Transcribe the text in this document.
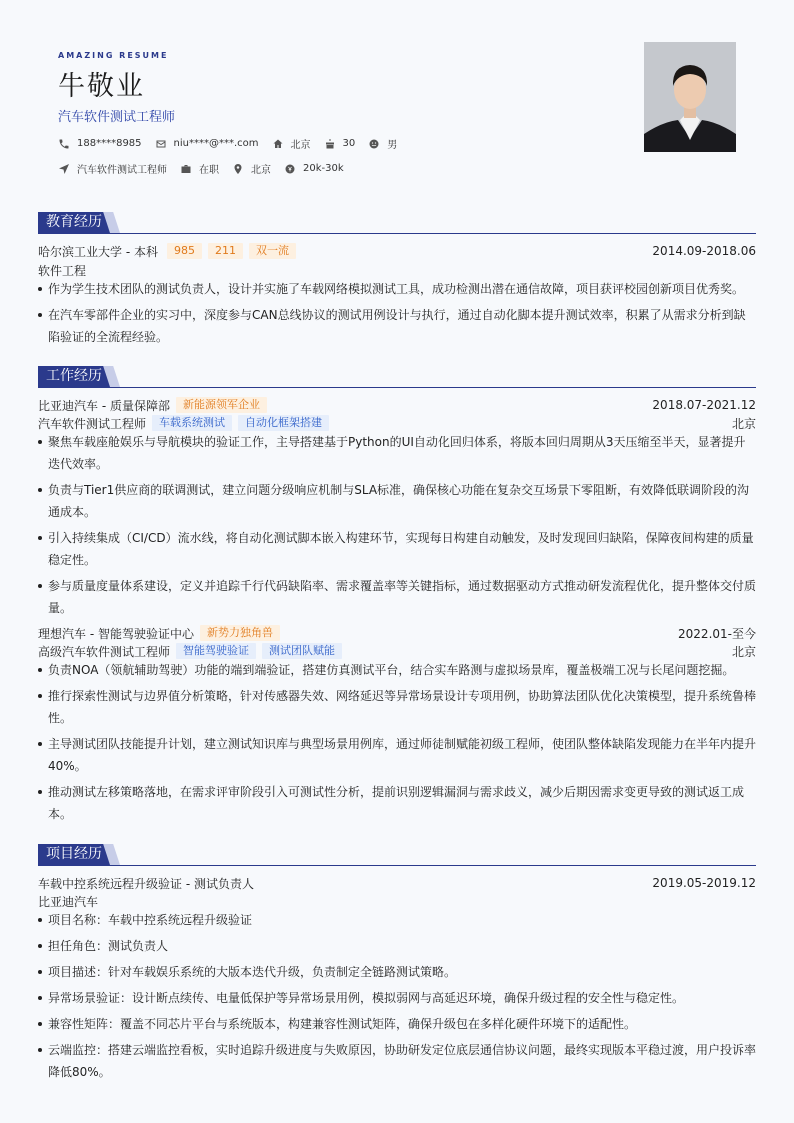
AMAZING RESUME
牛敬业
汽车软件测试工程师
188****8985	niu****@***.com	北京	30	男
汽车软件测试工程师	在职	北京	20k-30k
教育经历
哈尔滨工业大学 - 本科	985	211	双一流	2014.09-2018.06
软件工程
作为学生技术团队的测试负责人，设计并实施了车载网络模拟测试工具，成功检测出潜在通信故障，项目获评校园创新项目优秀奖。
在汽车零部件企业的实习中，深度参与CAN总线协议的测试用例设计与执行，通过自动化脚本提升测试效率，积累了从需求分析到缺陷验证的全流程经验。
工作经历
比亚迪汽车 - 质量保障部	新能源领军企业	2018.07-2021.12
汽车软件测试工程师	车载系统测试	自动化框架搭建	北京
聚焦车载座舱娱乐与导航模块的验证工作，主导搭建基于Python的UI自动化回归体系，将版本回归周期从3天压缩至半天，显著提升迭代效率。
负责与Tier1供应商的联调测试，建立问题分级响应机制与SLA标准，确保核心功能在复杂交互场景下零阻断，有效降低联调阶段的沟通成本。
引入持续集成（CI/CD）流水线，将自动化测试脚本嵌入构建环节，实现每日构建自动触发，及时发现回归缺陷，保障夜间构建的质量稳定性。
参与质量度量体系建设，定义并追踪千行代码缺陷率、需求覆盖率等关键指标，通过数据驱动方式推动研发流程优化，提升整体交付质量。
理想汽车 - 智能驾驶验证中心	新势力独角兽	2022.01-至今
高级汽车软件测试工程师	智能驾驶验证	测试团队赋能	北京
负责NOA（领航辅助驾驶）功能的端到端验证，搭建仿真测试平台，结合实车路测与虚拟场景库，覆盖极端工况与长尾问题挖掘。
推行探索性测试与边界值分析策略，针对传感器失效、网络延迟等异常场景设计专项用例，协助算法团队优化决策模型，提升系统鲁棒性。
主导测试团队技能提升计划，建立测试知识库与典型场景用例库，通过师徒制赋能初级工程师，使团队整体缺陷发现能力在半年内提升40%。
推动测试左移策略落地，在需求评审阶段引入可测试性分析，提前识别逻辑漏洞与需求歧义，减少后期因需求变更导致的测试返工成本。
项目经历
车载中控系统远程升级验证 - 测试负责人	2019.05-2019.12
比亚迪汽车
项目名称：车载中控系统远程升级验证
担任角色：测试负责人
项目描述：针对车载娱乐系统的大版本迭代升级，负责制定全链路测试策略。
异常场景验证：设计断点续传、电量低保护等异常场景用例，模拟弱网与高延迟环境，确保升级过程的安全性与稳定性。
兼容性矩阵：覆盖不同芯片平台与系统版本，构建兼容性测试矩阵，确保升级包在多样化硬件环境下的适配性。
云端监控：搭建云端监控看板，实时追踪升级进度与失败原因，协助研发定位底层通信协议问题，最终实现版本平稳过渡，用户投诉率降低80%。
